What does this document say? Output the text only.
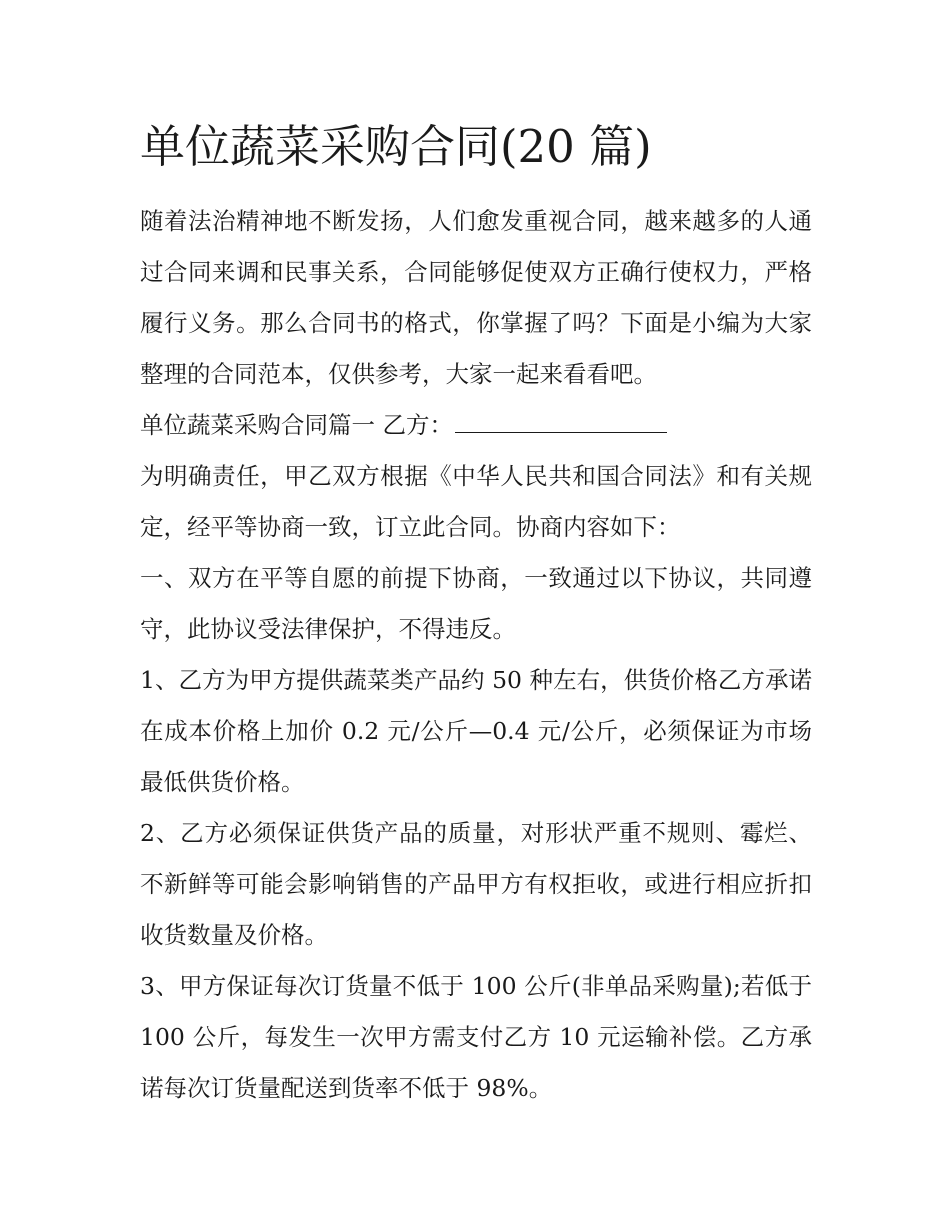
单位蔬菜采购合同(20 篇)

随着法治精神地不断发扬，人们愈发重视合同，越来越多的人通过合同来调和民事关系，合同能够促使双方正确行使权力，严格履行义务。那么合同书的格式，你掌握了吗？下面是小编为大家整理的合同范本，仅供参考，大家一起来看看吧。

单位蔬菜采购合同篇一 乙方：

为明确责任，甲乙双方根据《中华人民共和国合同法》和有关规定，经平等协商一致，订立此合同。协商内容如下：

一、双方在平等自愿的前提下协商，一致通过以下协议，共同遵守，此协议受法律保护，不得违反。

1、乙方为甲方提供蔬菜类产品约 50 种左右，供货价格乙方承诺在成本价格上加价 0.2 元/公斤—0.4 元/公斤，必须保证为市场最低供货价格。

2、乙方必须保证供货产品的质量，对形状严重不规则、霉烂、不新鲜等可能会影响销售的产品甲方有权拒收，或进行相应折扣收货数量及价格。

3、甲方保证每次订货量不低于 100 公斤(非单品采购量);若低于 100 公斤，每发生一次甲方需支付乙方 10 元运输补偿。乙方承诺每次订货量配送到货率不低于 98%。
